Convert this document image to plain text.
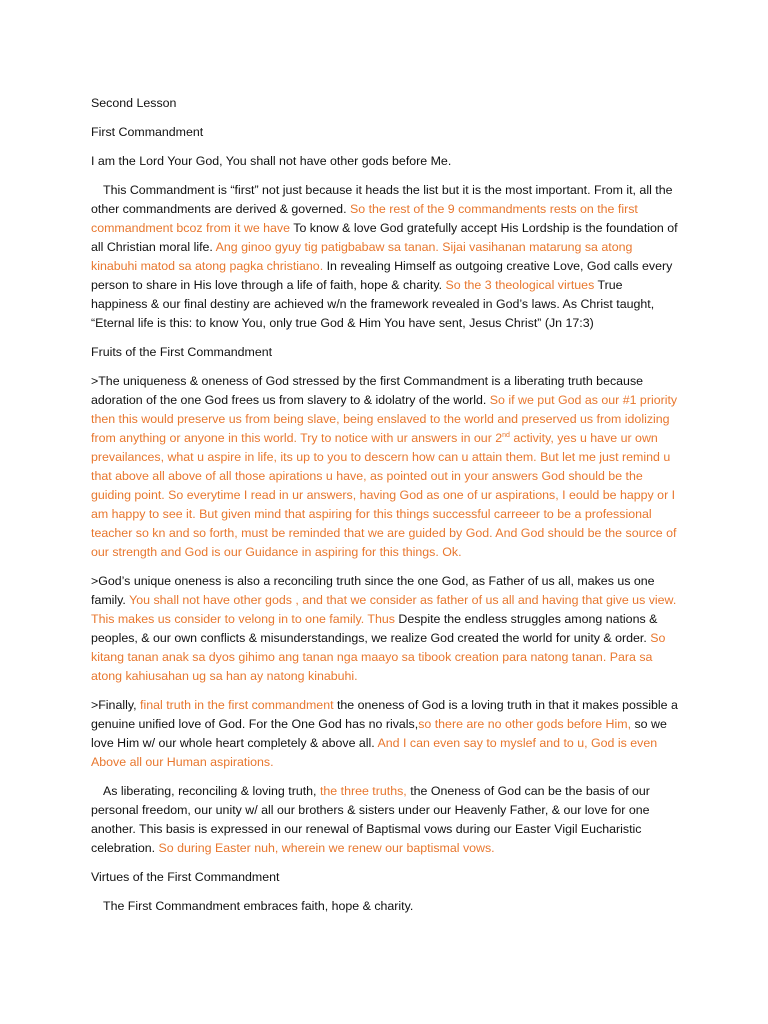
Second Lesson

First Commandment

I am the Lord Your God, You shall not have other gods before Me.

This Commandment is “first” not just because it heads the list but it is the most important. From it, all the other commandments are derived & governed. So the rest of the 9 commandments rests on the first commandment bcoz from it we have To know & love God gratefully accept His Lordship is the foundation of all Christian moral life. Ang ginoo gyuy tig patigbabaw sa tanan. Sijai vasihanan matarung sa atong kinabuhi matod sa atong pagka christiano. In revealing Himself as outgoing creative Love, God calls every person to share in His love through a life of faith, hope & charity. So the 3 theological virtues True happiness & our final destiny are achieved w/n the framework revealed in God’s laws. As Christ taught, “Eternal life is this: to know You, only true God & Him You have sent, Jesus Christ” (Jn 17:3)

Fruits of the First Commandment

>The uniqueness & oneness of God stressed by the first Commandment is a liberating truth because adoration of the one God frees us from slavery to & idolatry of the world. So if we put God as our #1 priority then this would preserve us from being slave, being enslaved to the world and preserved us from idolizing from anything or anyone in this world. Try to notice with ur answers in our 2nd activity, yes u have ur own prevailances, what u aspire in life, its up to you to descern how can u attain them. But let me just remind u that above all above of all those apirations u have, as pointed out in your answers God should be the guiding point. So everytime I read in ur answers, having God as one of ur aspirations, I eould be happy or I am happy to see it. But given mind that aspiring for this things successful carreeer to be a professional teacher so kn and so forth, must be reminded that we are guided by God. And God should be the source of our strength and God is our Guidance in aspiring for this things. Ok.

>God’s unique oneness is also a reconciling truth since the one God, as Father of us all, makes us one family. You shall not have other gods , and that we consider as father of us all and having that give us view. This makes us consider to velong in to one family. Thus Despite the endless struggles among nations & peoples, & our own conflicts & misunderstandings, we realize God created the world for unity & order. So kitang tanan anak sa dyos gihimo ang tanan nga maayo sa tibook creation para natong tanan. Para sa atong kahiusahan ug sa han ay natong kinabuhi.

>Finally, final truth in the first commandment the oneness of God is a loving truth in that it makes possible a genuine unified love of God. For the One God has no rivals,so there are no other gods before Him, so we love Him w/ our whole heart completely & above all. And I can even say to myslef and to u, God is even Above all our Human aspirations.

As liberating, reconciling & loving truth, the three truths, the Oneness of God can be the basis of our personal freedom, our unity w/ all our brothers & sisters under our Heavenly Father, & our love for one another. This basis is expressed in our renewal of Baptismal vows during our Easter Vigil Eucharistic celebration. So during Easter nuh, wherein we renew our baptismal vows.

Virtues of the First Commandment

The First Commandment embraces faith, hope & charity.
